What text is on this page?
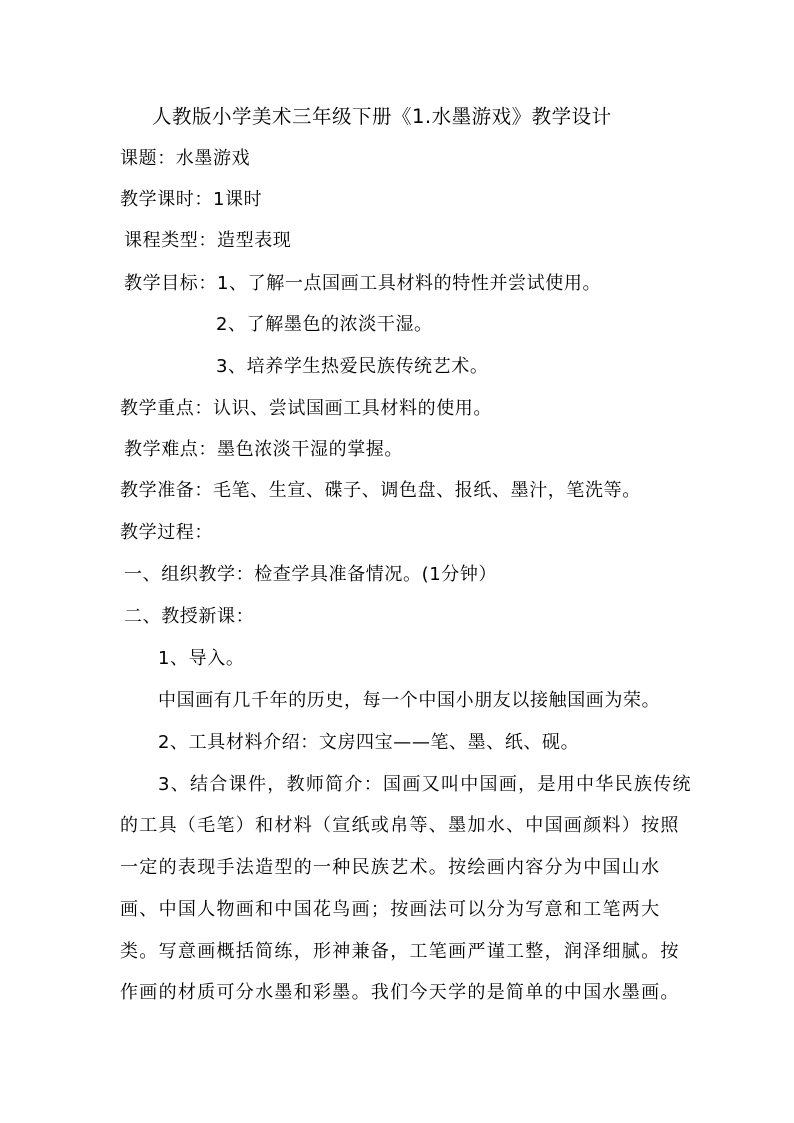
人教版小学美术三年级下册《1.水墨游戏》教学设计
课题：水墨游戏
教学课时：1课时
课程类型：造型表现
教学目标：1、了解一点国画工具材料的特性并尝试使用。
2、了解墨色的浓淡干湿。
3、培养学生热爱民族传统艺术。
教学重点：认识、尝试国画工具材料的使用。
教学难点：墨色浓淡干湿的掌握。
教学准备：毛笔、生宣、碟子、调色盘、报纸、墨汁，笔洗等。
教学过程：
一、组织教学：检查学具准备情况。(1分钟）
二、教授新课：
1、导入。
中国画有几千年的历史，每一个中国小朋友以接触国画为荣。
2、工具材料介绍：文房四宝——笔、墨、纸、砚。
3、结合课件，教师简介：国画又叫中国画，是用中华民族传统
的工具（毛笔）和材料（宣纸或帛等、墨加水、中国画颜料）按照
一定的表现手法造型的一种民族艺术。按绘画内容分为中国山水
画、中国人物画和中国花鸟画；按画法可以分为写意和工笔两大
类。写意画概括简练，形神兼备，工笔画严谨工整，润泽细腻。按
作画的材质可分水墨和彩墨。我们今天学的是简单的中国水墨画。
